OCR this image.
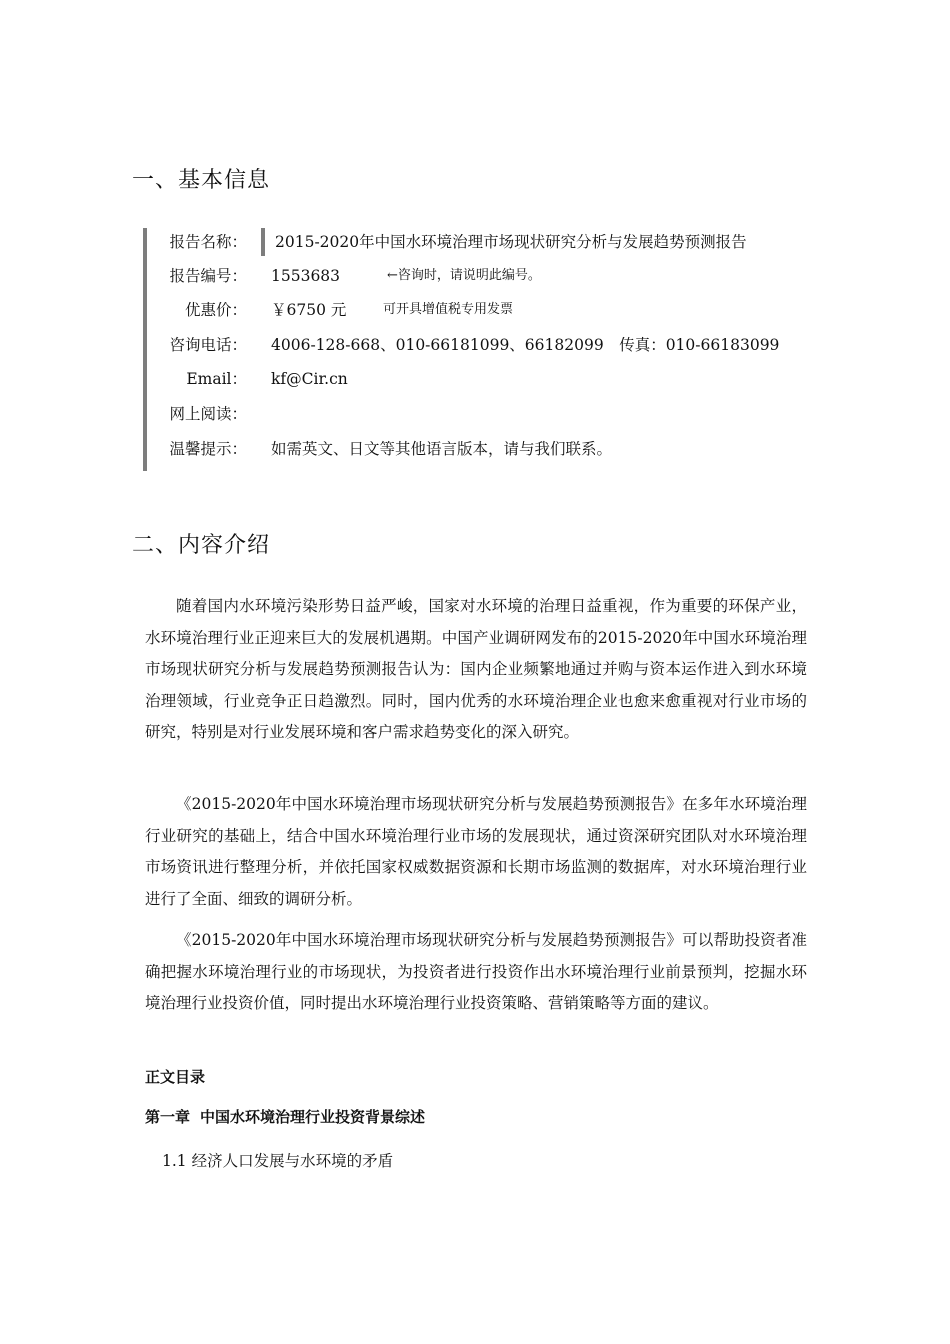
一、基本信息
报告名称：	2015-2020年中国水环境治理市场现状研究分析与发展趋势预测报告
报告编号： 1553683	←咨询时，请说明此编号。
优惠价： ￥6750 元	可开具增值税专用发票
咨询电话： 4006-128-668、010-66181099、66182099　传真：010-66183099
Email： kf@Cir.cn
网上阅读：
温馨提示： 如需英文、日文等其他语言版本，请与我们联系。
二、内容介绍

随着国内水环境污染形势日益严峻，国家对水环境的治理日益重视，作为重要的环保产业，水环境治理行业正迎来巨大的发展机遇期。中国产业调研网发布的2015-2020年中国水环境治理市场现状研究分析与发展趋势预测报告认为：国内企业频繁地通过并购与资本运作进入到水环境治理领域，行业竞争正日趋激烈。同时，国内优秀的水环境治理企业也愈来愈重视对行业市场的研究，特别是对行业发展环境和客户需求趋势变化的深入研究。

《2015-2020年中国水环境治理市场现状研究分析与发展趋势预测报告》在多年水环境治理行业研究的基础上，结合中国水环境治理行业市场的发展现状，通过资深研究团队对水环境治理市场资讯进行整理分析，并依托国家权威数据资源和长期市场监测的数据库，对水环境治理行业进行了全面、细致的调研分析。

《2015-2020年中国水环境治理市场现状研究分析与发展趋势预测报告》可以帮助投资者准确把握水环境治理行业的市场现状，为投资者进行投资作出水环境治理行业前景预判，挖掘水环境治理行业投资价值，同时提出水环境治理行业投资策略、营销策略等方面的建议。

正文目录
第一章 中国水环境治理行业投资背景综述
1.1 经济人口发展与水环境的矛盾
